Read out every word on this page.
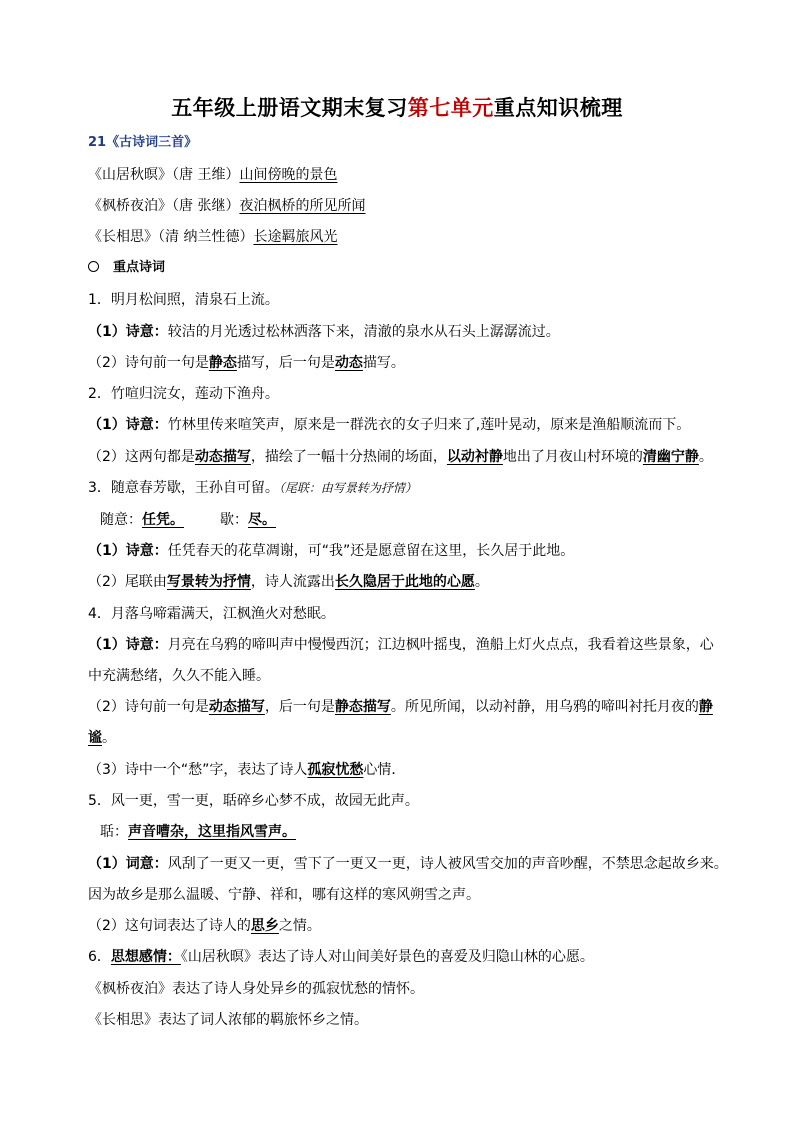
五年级上册语文期末复习第七单元重点知识梳理
21《古诗词三首》
《山居秋暝》（唐 王维）山间傍晚的景色
《枫桥夜泊》（唐 张继）夜泊枫桥的所见所闻
《长相思》（清 纳兰性德）长途羁旅风光
重点诗词
1．明月松间照，清泉石上流。
（1）诗意：较洁的月光透过松林洒落下来，清澈的泉水从石头上潺潺流过。
（2）诗句前一句是静态描写，后一句是动态描写。
2．竹喧归浣女，莲动下渔舟。
（1）诗意：竹林里传来喧笑声，原来是一群洗衣的女子归来了,莲叶晃动，原来是渔船顺流而下。
（2）这两句都是动态描写，描绘了一幅十分热闹的场面，以动衬静地出了月夜山村环境的清幽宁静。
3．随意春芳歇，王孙自可留。（尾联：由写景转为抒情）
随意：任凭。	歇：尽。
（1）诗意：任凭春天的花草凋谢，可“我”还是愿意留在这里，长久居于此地。
（2）尾联由写景转为抒情，诗人流露出长久隐居于此地的心愿。
4．月落乌啼霜满天，江枫渔火对愁眠。
（1）诗意：月亮在乌鸦的啼叫声中慢慢西沉；江边枫叶摇曳，渔船上灯火点点，我看着这些景象，心
中充满愁绪，久久不能入睡。
（2）诗句前一句是动态描写，后一句是静态描写。所见所闻，以动衬静，用乌鸦的啼叫衬托月夜的静
谧。
（3）诗中一个“愁”字，表达了诗人孤寂忧愁心情．
5．风一更，雪一更，聒碎乡心梦不成，故园无此声。
聒：声音嘈杂，这里指风雪声。
（1）词意：风刮了一更又一更，雪下了一更又一更，诗人被风雪交加的声音吵醒，不禁思念起故乡来。
因为故乡是那么温暖、宁静、祥和，哪有这样的寒风朔雪之声。
（2）这句词表达了诗人的思乡之情。
6．思想感情：《山居秋暝》表达了诗人对山间美好景色的喜爱及归隐山林的心愿。
《枫桥夜泊》表达了诗人身处异乡的孤寂忧愁的情怀。
《长相思》表达了词人浓郁的羁旅怀乡之情。
